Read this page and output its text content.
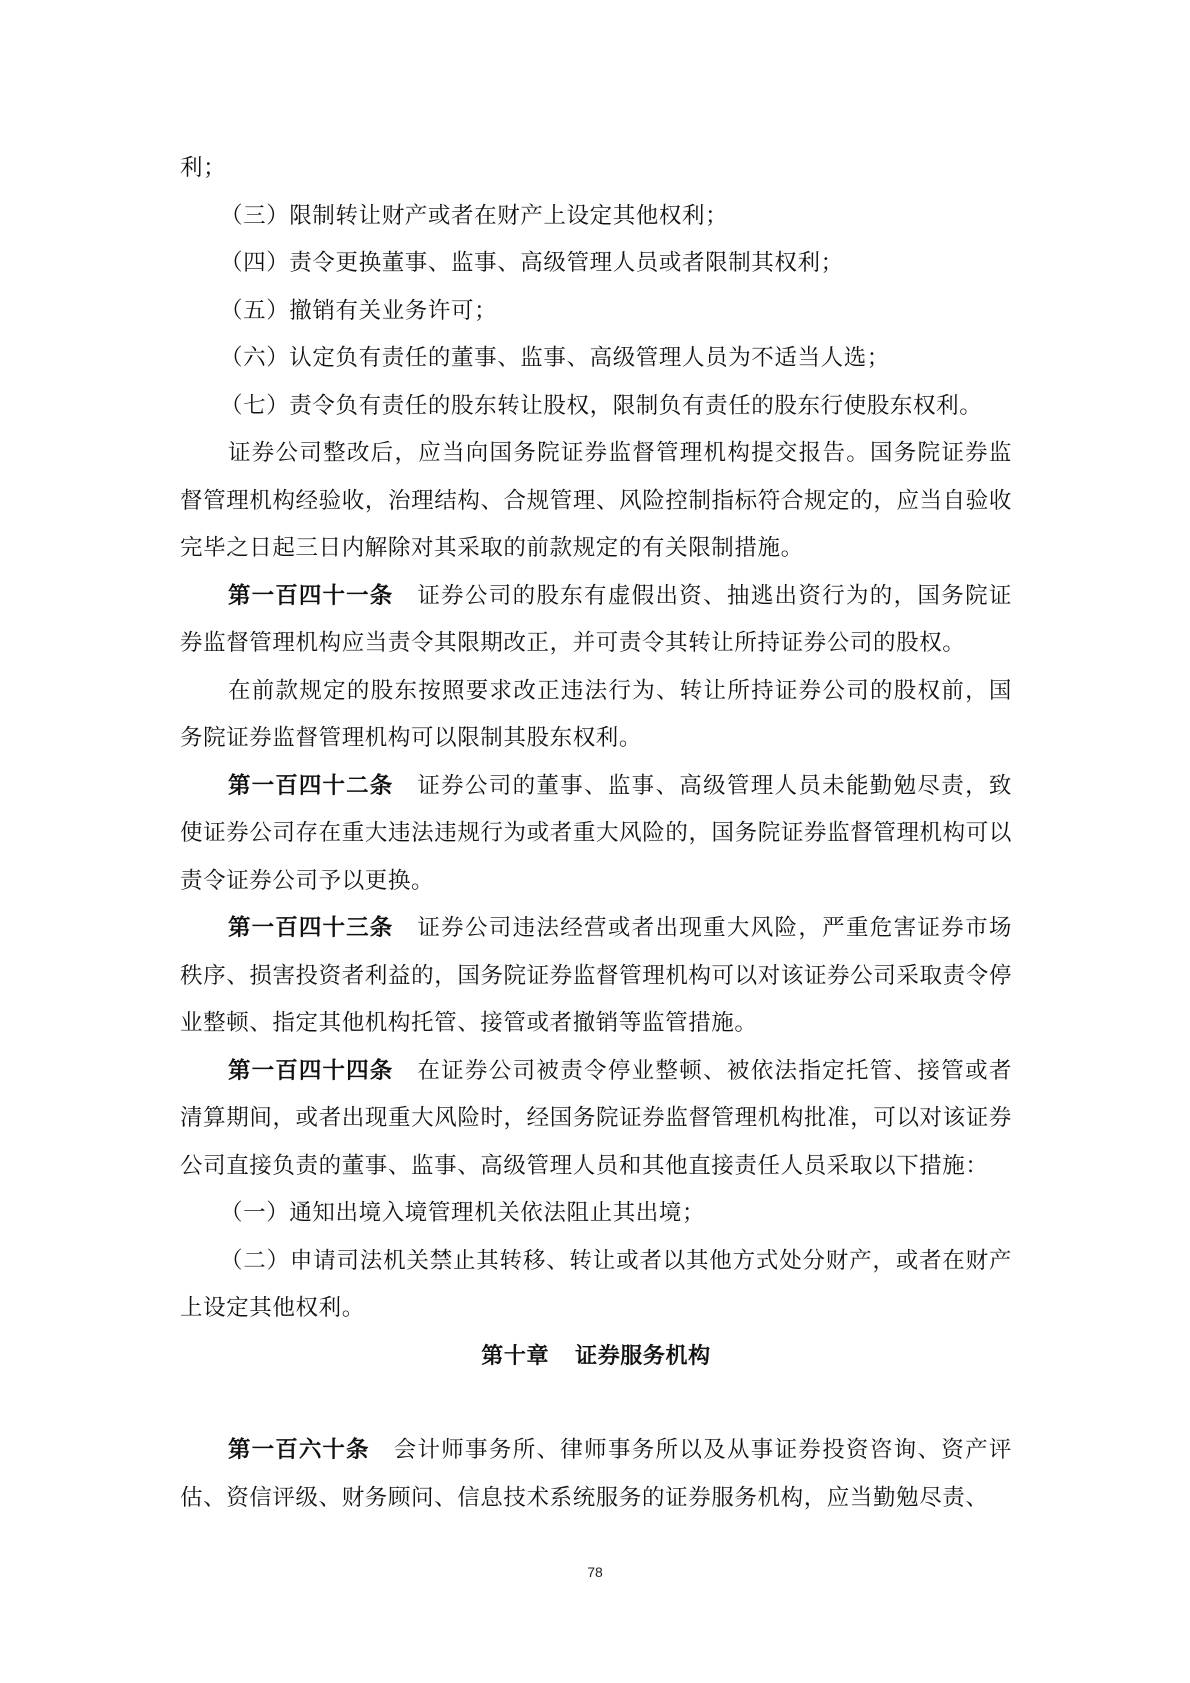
利；

（三）限制转让财产或者在财产上设定其他权利；

（四）责令更换董事、监事、高级管理人员或者限制其权利；

（五）撤销有关业务许可；

（六）认定负有责任的董事、监事、高级管理人员为不适当人选；

（七）责令负有责任的股东转让股权，限制负有责任的股东行使股东权利。

证券公司整改后，应当向国务院证券监督管理机构提交报告。国务院证券监督管理机构经验收，治理结构、合规管理、风险控制指标符合规定的，应当自验收完毕之日起三日内解除对其采取的前款规定的有关限制措施。

第一百四十一条 证券公司的股东有虚假出资、抽逃出资行为的，国务院证券监督管理机构应当责令其限期改正，并可责令其转让所持证券公司的股权。

在前款规定的股东按照要求改正违法行为、转让所持证券公司的股权前，国务院证券监督管理机构可以限制其股东权利。

第一百四十二条 证券公司的董事、监事、高级管理人员未能勤勉尽责，致使证券公司存在重大违法违规行为或者重大风险的，国务院证券监督管理机构可以责令证券公司予以更换。

第一百四十三条 证券公司违法经营或者出现重大风险，严重危害证券市场秩序、损害投资者利益的，国务院证券监督管理机构可以对该证券公司采取责令停业整顿、指定其他机构托管、接管或者撤销等监管措施。

第一百四十四条 在证券公司被责令停业整顿、被依法指定托管、接管或者清算期间，或者出现重大风险时，经国务院证券监督管理机构批准，可以对该证券公司直接负责的董事、监事、高级管理人员和其他直接责任人员采取以下措施：

（一）通知出境入境管理机关依法阻止其出境；

（二）申请司法机关禁止其转移、转让或者以其他方式处分财产，或者在财产上设定其他权利。

第十章 证券服务机构

第一百六十条 会计师事务所、律师事务所以及从事证券投资咨询、资产评估、资信评级、财务顾问、信息技术系统服务的证券服务机构，应当勤勉尽责、

78
